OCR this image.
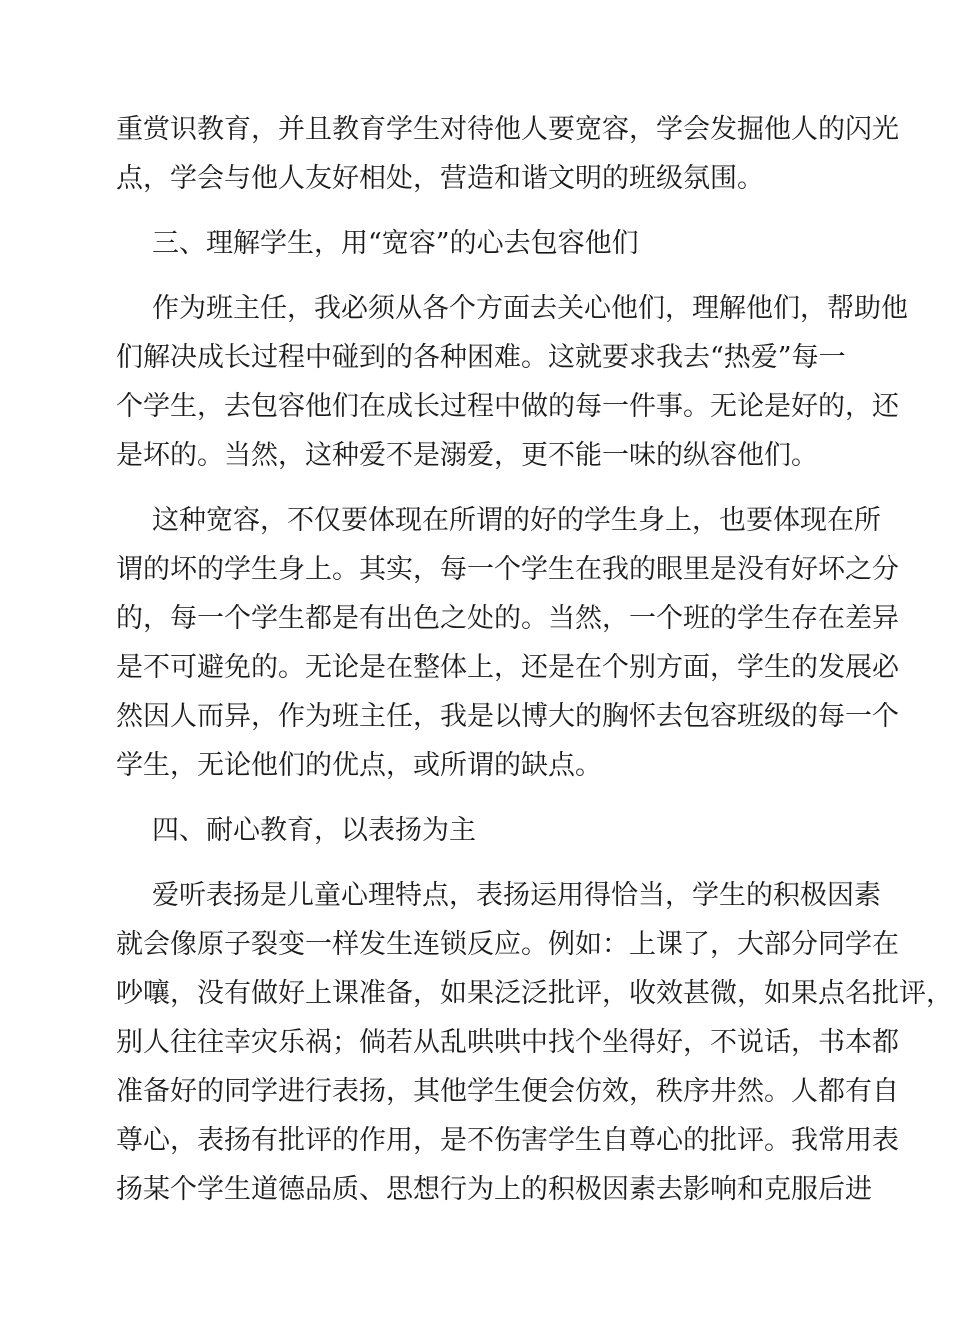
重赏识教育，并且教育学生对待他人要宽容，学会发掘他人的闪光
点，学会与他人友好相处，营造和谐文明的班级氛围。
三、理解学生，用“宽容”的心去包容他们
作为班主任，我必须从各个方面去关心他们，理解他们，帮助他
们解决成长过程中碰到的各种困难。这就要求我去“热爱”每一
个学生，去包容他们在成长过程中做的每一件事。无论是好的，还
是坏的。当然，这种爱不是溺爱，更不能一味的纵容他们。
这种宽容，不仅要体现在所谓的好的学生身上，也要体现在所
谓的坏的学生身上。其实，每一个学生在我的眼里是没有好坏之分
的，每一个学生都是有出色之处的。当然，一个班的学生存在差异
是不可避免的。无论是在整体上，还是在个别方面，学生的发展必
然因人而异，作为班主任，我是以博大的胸怀去包容班级的每一个
学生，无论他们的优点，或所谓的缺点。
四、耐心教育，以表扬为主
爱听表扬是儿童心理特点，表扬运用得恰当，学生的积极因素
就会像原子裂变一样发生连锁反应。例如：上课了，大部分同学在
吵嚷，没有做好上课准备，如果泛泛批评，收效甚微，如果点名批评，
别人往往幸灾乐祸；倘若从乱哄哄中找个坐得好，不说话，书本都
准备好的同学进行表扬，其他学生便会仿效，秩序井然。人都有自
尊心，表扬有批评的作用，是不伤害学生自尊心的批评。我常用表
扬某个学生道德品质、思想行为上的积极因素去影响和克服后进
